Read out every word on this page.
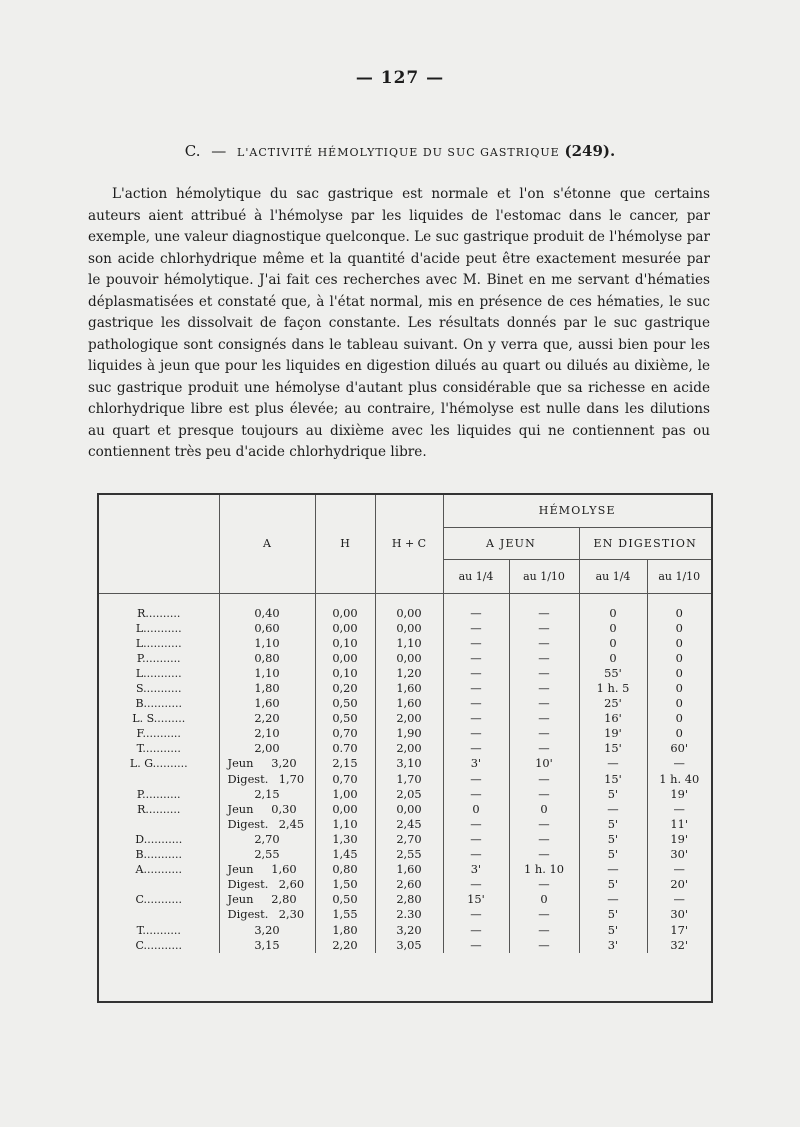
— 127 —
C. — L'ACTIVITÉ HÉMOLYTIQUE DU SUC GASTRIQUE (249).

L'action hémolytique du sac gastrique est normale et l'on s'étonne que certains auteurs aient attribué à l'hémolyse par les liquides de l'estomac dans le cancer, par exemple, une valeur diagnostique quelconque. Le suc gastrique produit de l'hémolyse par son acide chlorhydrique même et la quantité d'acide peut être exactement mesurée par le pouvoir hémolytique. J'ai fait ces recherches avec M. Binet en me servant d'hématies déplasmatisées et constaté que, à l'état normal, mis en présence de ces hématies, le suc gastrique les dissolvait de façon constante. Les résultats donnés par le suc gastrique pathologique sont consignés dans le tableau suivant. On y verra que, aussi bien pour les liquides à jeun que pour les liquides en digestion dilués au quart ou dilués au dixième, le suc gastrique produit une hémolyse d'autant plus considérable que sa richesse en acide chlorhydrique libre est plus élevée; au contraire, l'hémolyse est nulle dans les dilutions au quart et presque toujours au dixième avec les liquides qui ne contiennent pas ou contiennent très peu d'acide chlorhydrique libre.

	A	H	H + C	HÉMOLYSE			
				A JEUN		EN DIGESTION	
				au 1/4	au 1/10	au 1/4	au 1/10
R..........	0,40	0,00	0,00	—	—	0	0
L...........	0,60	0,00	0,00	—	—	0	0
L...........	1,10	0,10	1,10	—	—	0	0
P...........	0,80	0,00	0,00	—	—	0	0
L...........	1,10	0,10	1,20	—	—	55'	0
S...........	1,80	0,20	1,60	—	—	1 h. 5	0
B...........	1,60	0,50	1,60	—	—	25'	0
L. S.........	2,20	0,50	2,00	—	—	16'	0
F...........	2,10	0,70	1,90	—	—	19'	0
T...........	2,00	0.70	2,00	—	—	15'	60'
L. G..........	Jeun 3,20	2,15	3,10	3'	10'	—	—

	Digest. 1,70	0,70	1,70	—	—	15'	1 h. 40
P...........	2,15	1,00	2,05	—	—	5'	19'
R..........	Jeun 0,30	0,00	0,00	0	0	—	—

	Digest. 2,45	1,10	2,45	—	—	5'	11'
D...........	2,70	1,30	2,70	—	—	5'	19'
B...........	2,55	1,45	2,55	—	—	5'	30'
A...........	Jeun 1,60	0,80	1,60	3'	1 h. 10	—	—

	Digest. 2,60	1,50	2,60	—	—	5'	20'
C...........	Jeun 2,80	0,50	2,80	15'	0	—	—

	Digest. 2,30	1,55	2.30	—	—	5'	30'
T...........	3,20	1,80	3,20	—	—	5'	17'
C...........	3,15	2,20	3,05	—	—	3'	32'
